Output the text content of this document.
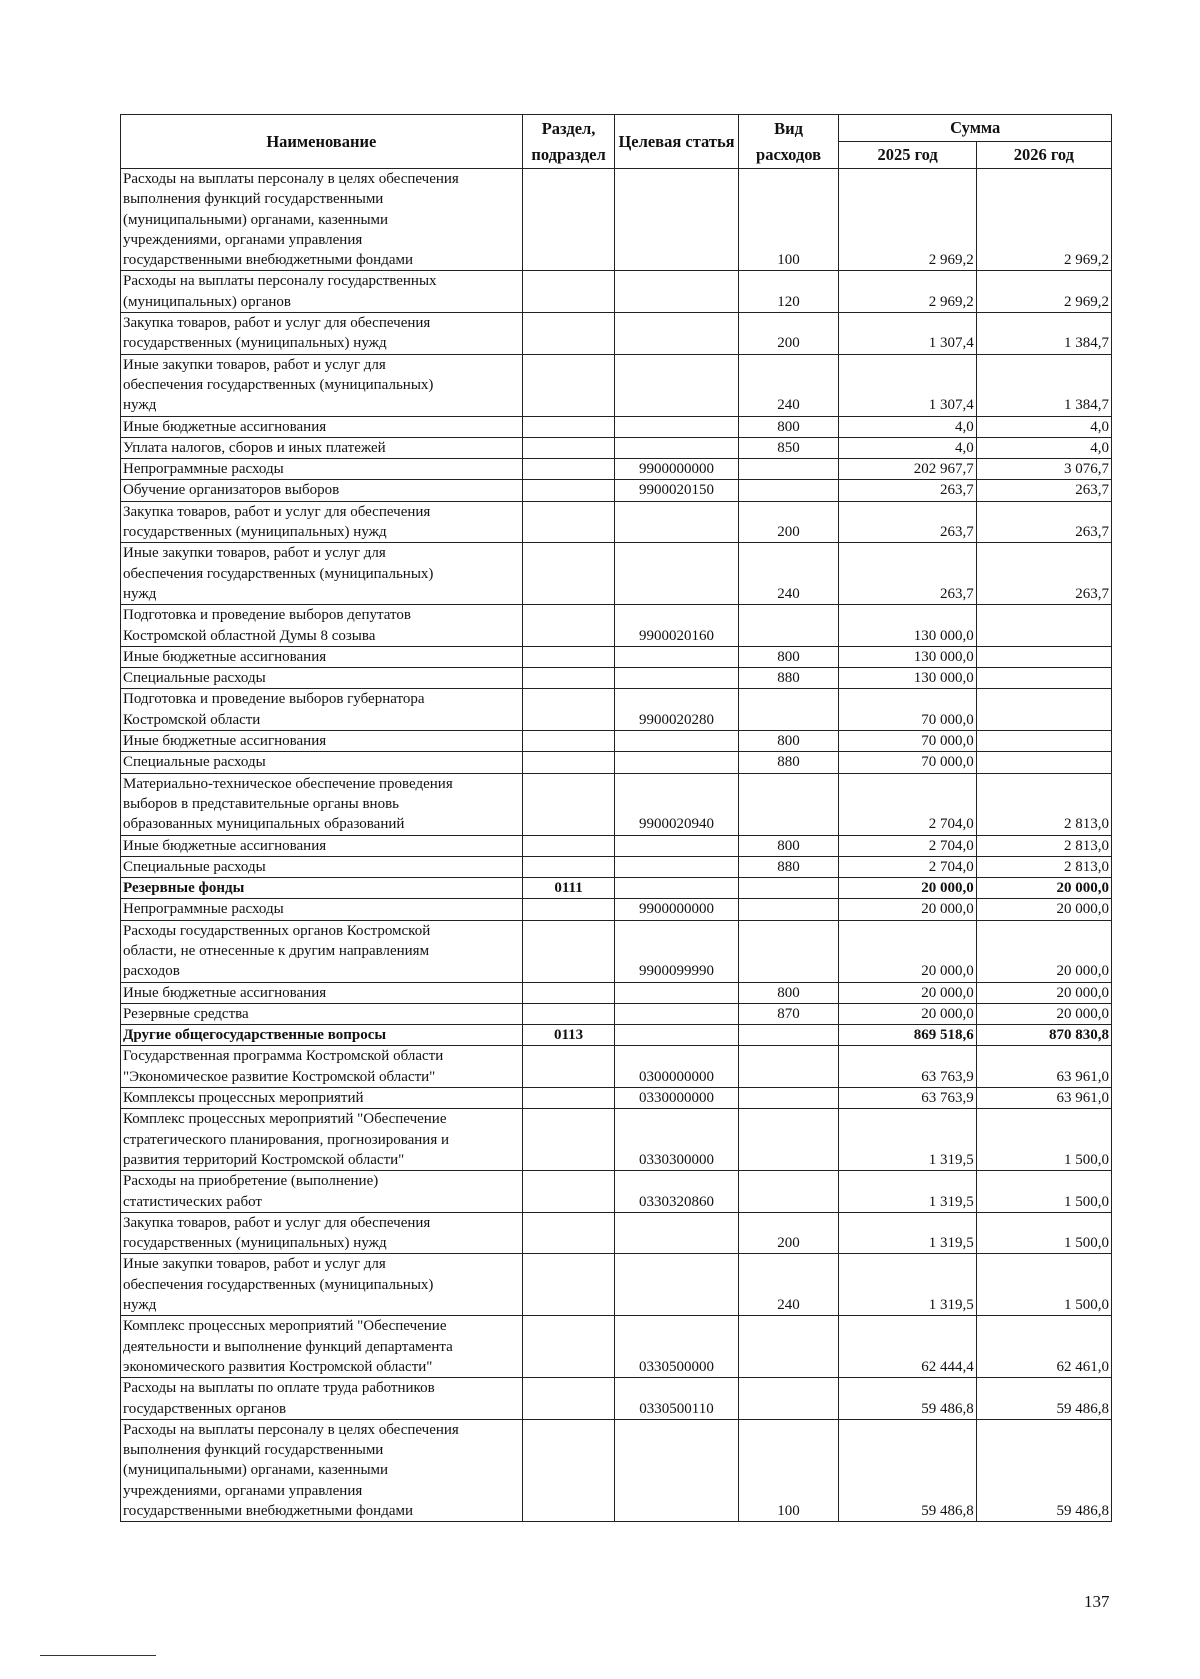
Наименование	Раздел, подраздел	Целевая статья	Вид расходов	Сумма	
				2025 год	2026 год
Расходы на выплаты персоналу в целях обеспечения
выполнения функций государственными
(муниципальными) органами, казенными
учреждениями, органами управления
государственными внебюджетными фондами			100	2 969,2	2 969,2
Расходы на выплаты персоналу государственных
(муниципальных) органов			120	2 969,2	2 969,2
Закупка товаров, работ и услуг для обеспечения
государственных (муниципальных) нужд			200	1 307,4	1 384,7
Иные закупки товаров, работ и услуг для
обеспечения государственных (муниципальных)
нужд			240	1 307,4	1 384,7
Иные бюджетные ассигнования			800	4,0	4,0
Уплата налогов, сборов и иных платежей			850	4,0	4,0
Непрограммные расходы		9900000000		202 967,7	3 076,7
Обучение организаторов выборов		9900020150		263,7	263,7
Закупка товаров, работ и услуг для обеспечения
государственных (муниципальных) нужд			200	263,7	263,7
Иные закупки товаров, работ и услуг для
обеспечения государственных (муниципальных)
нужд			240	263,7	263,7
Подготовка и проведение выборов депутатов
Костромской областной Думы 8 созыва		9900020160		130 000,0	
Иные бюджетные ассигнования			800	130 000,0	
Специальные расходы			880	130 000,0	
Подготовка и проведение выборов губернатора
Костромской области		9900020280		70 000,0	
Иные бюджетные ассигнования			800	70 000,0	
Специальные расходы			880	70 000,0	
Материально-техническое обеспечение проведения
выборов в представительные органы вновь
образованных муниципальных образований		9900020940		2 704,0	2 813,0
Иные бюджетные ассигнования			800	2 704,0	2 813,0
Специальные расходы			880	2 704,0	2 813,0
Резервные фонды	0111			20 000,0	20 000,0
Непрограммные расходы		9900000000		20 000,0	20 000,0
Расходы государственных органов Костромской
области, не отнесенные к другим направлениям
расходов		9900099990		20 000,0	20 000,0
Иные бюджетные ассигнования			800	20 000,0	20 000,0
Резервные средства			870	20 000,0	20 000,0
Другие общегосударственные вопросы	0113			869 518,6	870 830,8
Государственная программа Костромской области
"Экономическое развитие Костромской области"		0300000000		63 763,9	63 961,0
Комплексы процессных мероприятий		0330000000		63 763,9	63 961,0
Комплекс процессных мероприятий "Обеспечение
стратегического планирования, прогнозирования и
развития территорий Костромской области"		0330300000		1 319,5	1 500,0
Расходы на приобретение (выполнение)
статистических работ		0330320860		1 319,5	1 500,0
Закупка товаров, работ и услуг для обеспечения
государственных (муниципальных) нужд			200	1 319,5	1 500,0
Иные закупки товаров, работ и услуг для
обеспечения государственных (муниципальных)
нужд			240	1 319,5	1 500,0
Комплекс процессных мероприятий "Обеспечение
деятельности и выполнение функций департамента
экономического развития Костромской области"		0330500000		62 444,4	62 461,0
Расходы на выплаты по оплате труда работников
государственных органов		0330500110		59 486,8	59 486,8
Расходы на выплаты персоналу в целях обеспечения
выполнения функций государственными
(муниципальными) органами, казенными
учреждениями, органами управления
государственными внебюджетными фондами			100	59 486,8	59 486,8
137
